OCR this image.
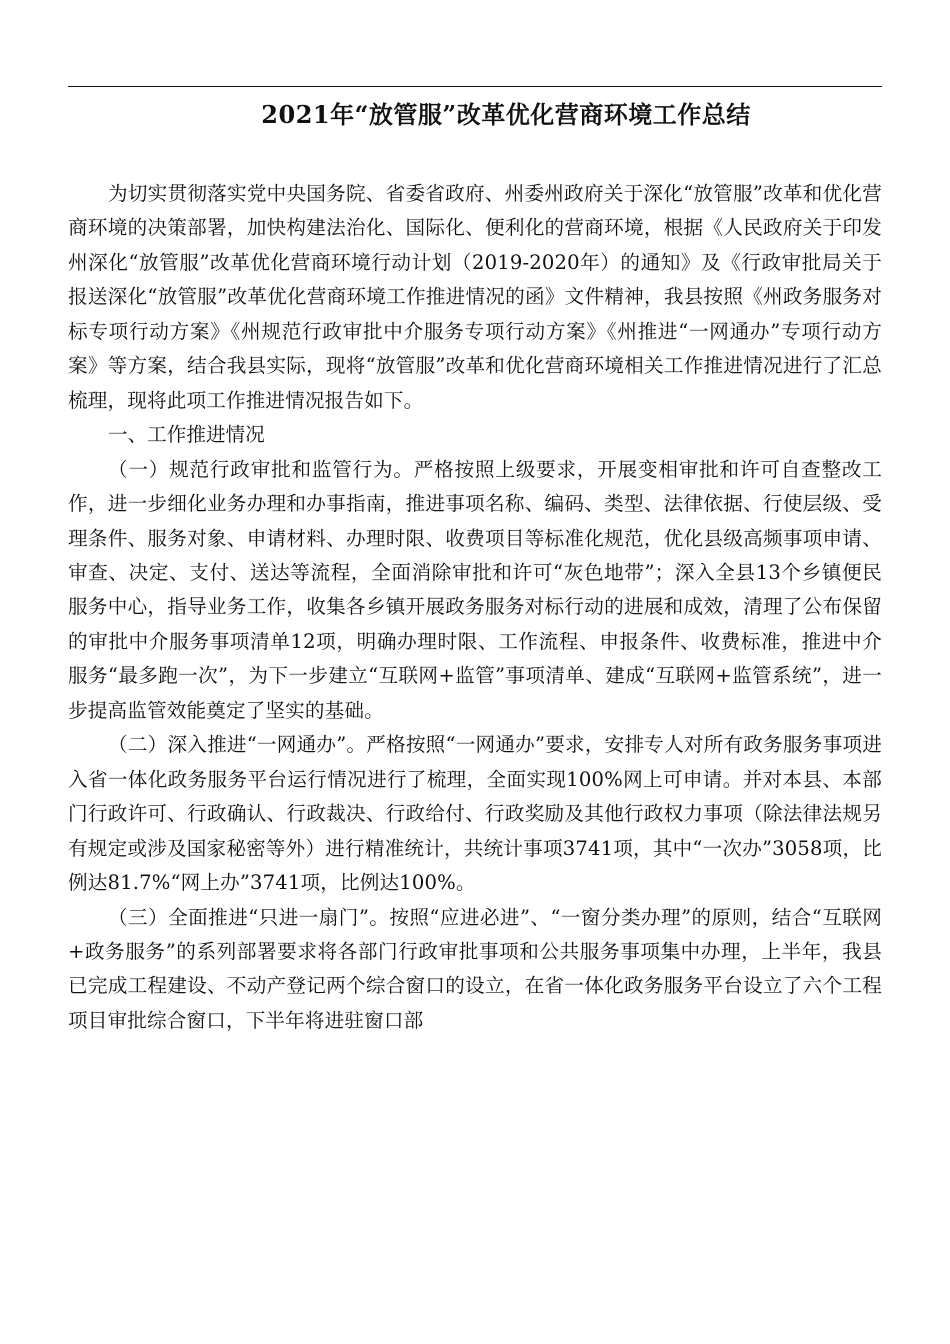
2021年“放管服”改革优化营商环境工作总结

为切实贯彻落实党中央国务院、省委省政府、州委州政府关于深化“放管服”改革和优化营商环境的决策部署，加快构建法治化、国际化、便利化的营商环境，根据《人民政府关于印发州深化“放管服”改革优化营商环境行动计划（2019-2020年）的通知》及《行政审批局关于报送深化“放管服”改革优化营商环境工作推进情况的函》文件精神，我县按照《州政务服务对标专项行动方案》《州规范行政审批中介服务专项行动方案》《州推进“一网通办”专项行动方案》等方案，结合我县实际，现将“放管服”改革和优化营商环境相关工作推进情况进行了汇总梳理，现将此项工作推进情况报告如下。

一、工作推进情况

（一）规范行政审批和监管行为。严格按照上级要求，开展变相审批和许可自查整改工作，进一步细化业务办理和办事指南，推进事项名称、编码、类型、法律依据、行使层级、受理条件、服务对象、申请材料、办理时限、收费项目等标准化规范，优化县级高频事项申请、审查、决定、支付、送达等流程，全面消除审批和许可“灰色地带”；深入全县13个乡镇便民服务中心，指导业务工作，收集各乡镇开展政务服务对标行动的进展和成效，清理了公布保留的审批中介服务事项清单12项，明确办理时限、工作流程、申报条件、收费标准，推进中介服务“最多跑一次”，为下一步建立“互联网+监管”事项清单、建成“互联网+监管系统”，进一步提高监管效能奠定了坚实的基础。

（二）深入推进“一网通办”。严格按照“一网通办”要求，安排专人对所有政务服务事项进入省一体化政务服务平台运行情况进行了梳理，全面实现100%网上可申请。并对本县、本部门行政许可、行政确认、行政裁决、行政给付、行政奖励及其他行政权力事项（除法律法规另有规定或涉及国家秘密等外）进行精准统计，共统计事项3741项，其中“一次办”3058项，比例达81.7%“网上办”3741项，比例达100%。

（三）全面推进“只进一扇门”。按照“应进必进”、“一窗分类办理”的原则，结合“互联网+政务服务”的系列部署要求将各部门行政审批事项和公共服务事项集中办理，上半年，我县已完成工程建设、不动产登记两个综合窗口的设立，在省一体化政务服务平台设立了六个工程项目审批综合窗口，下半年将进驻窗口部
